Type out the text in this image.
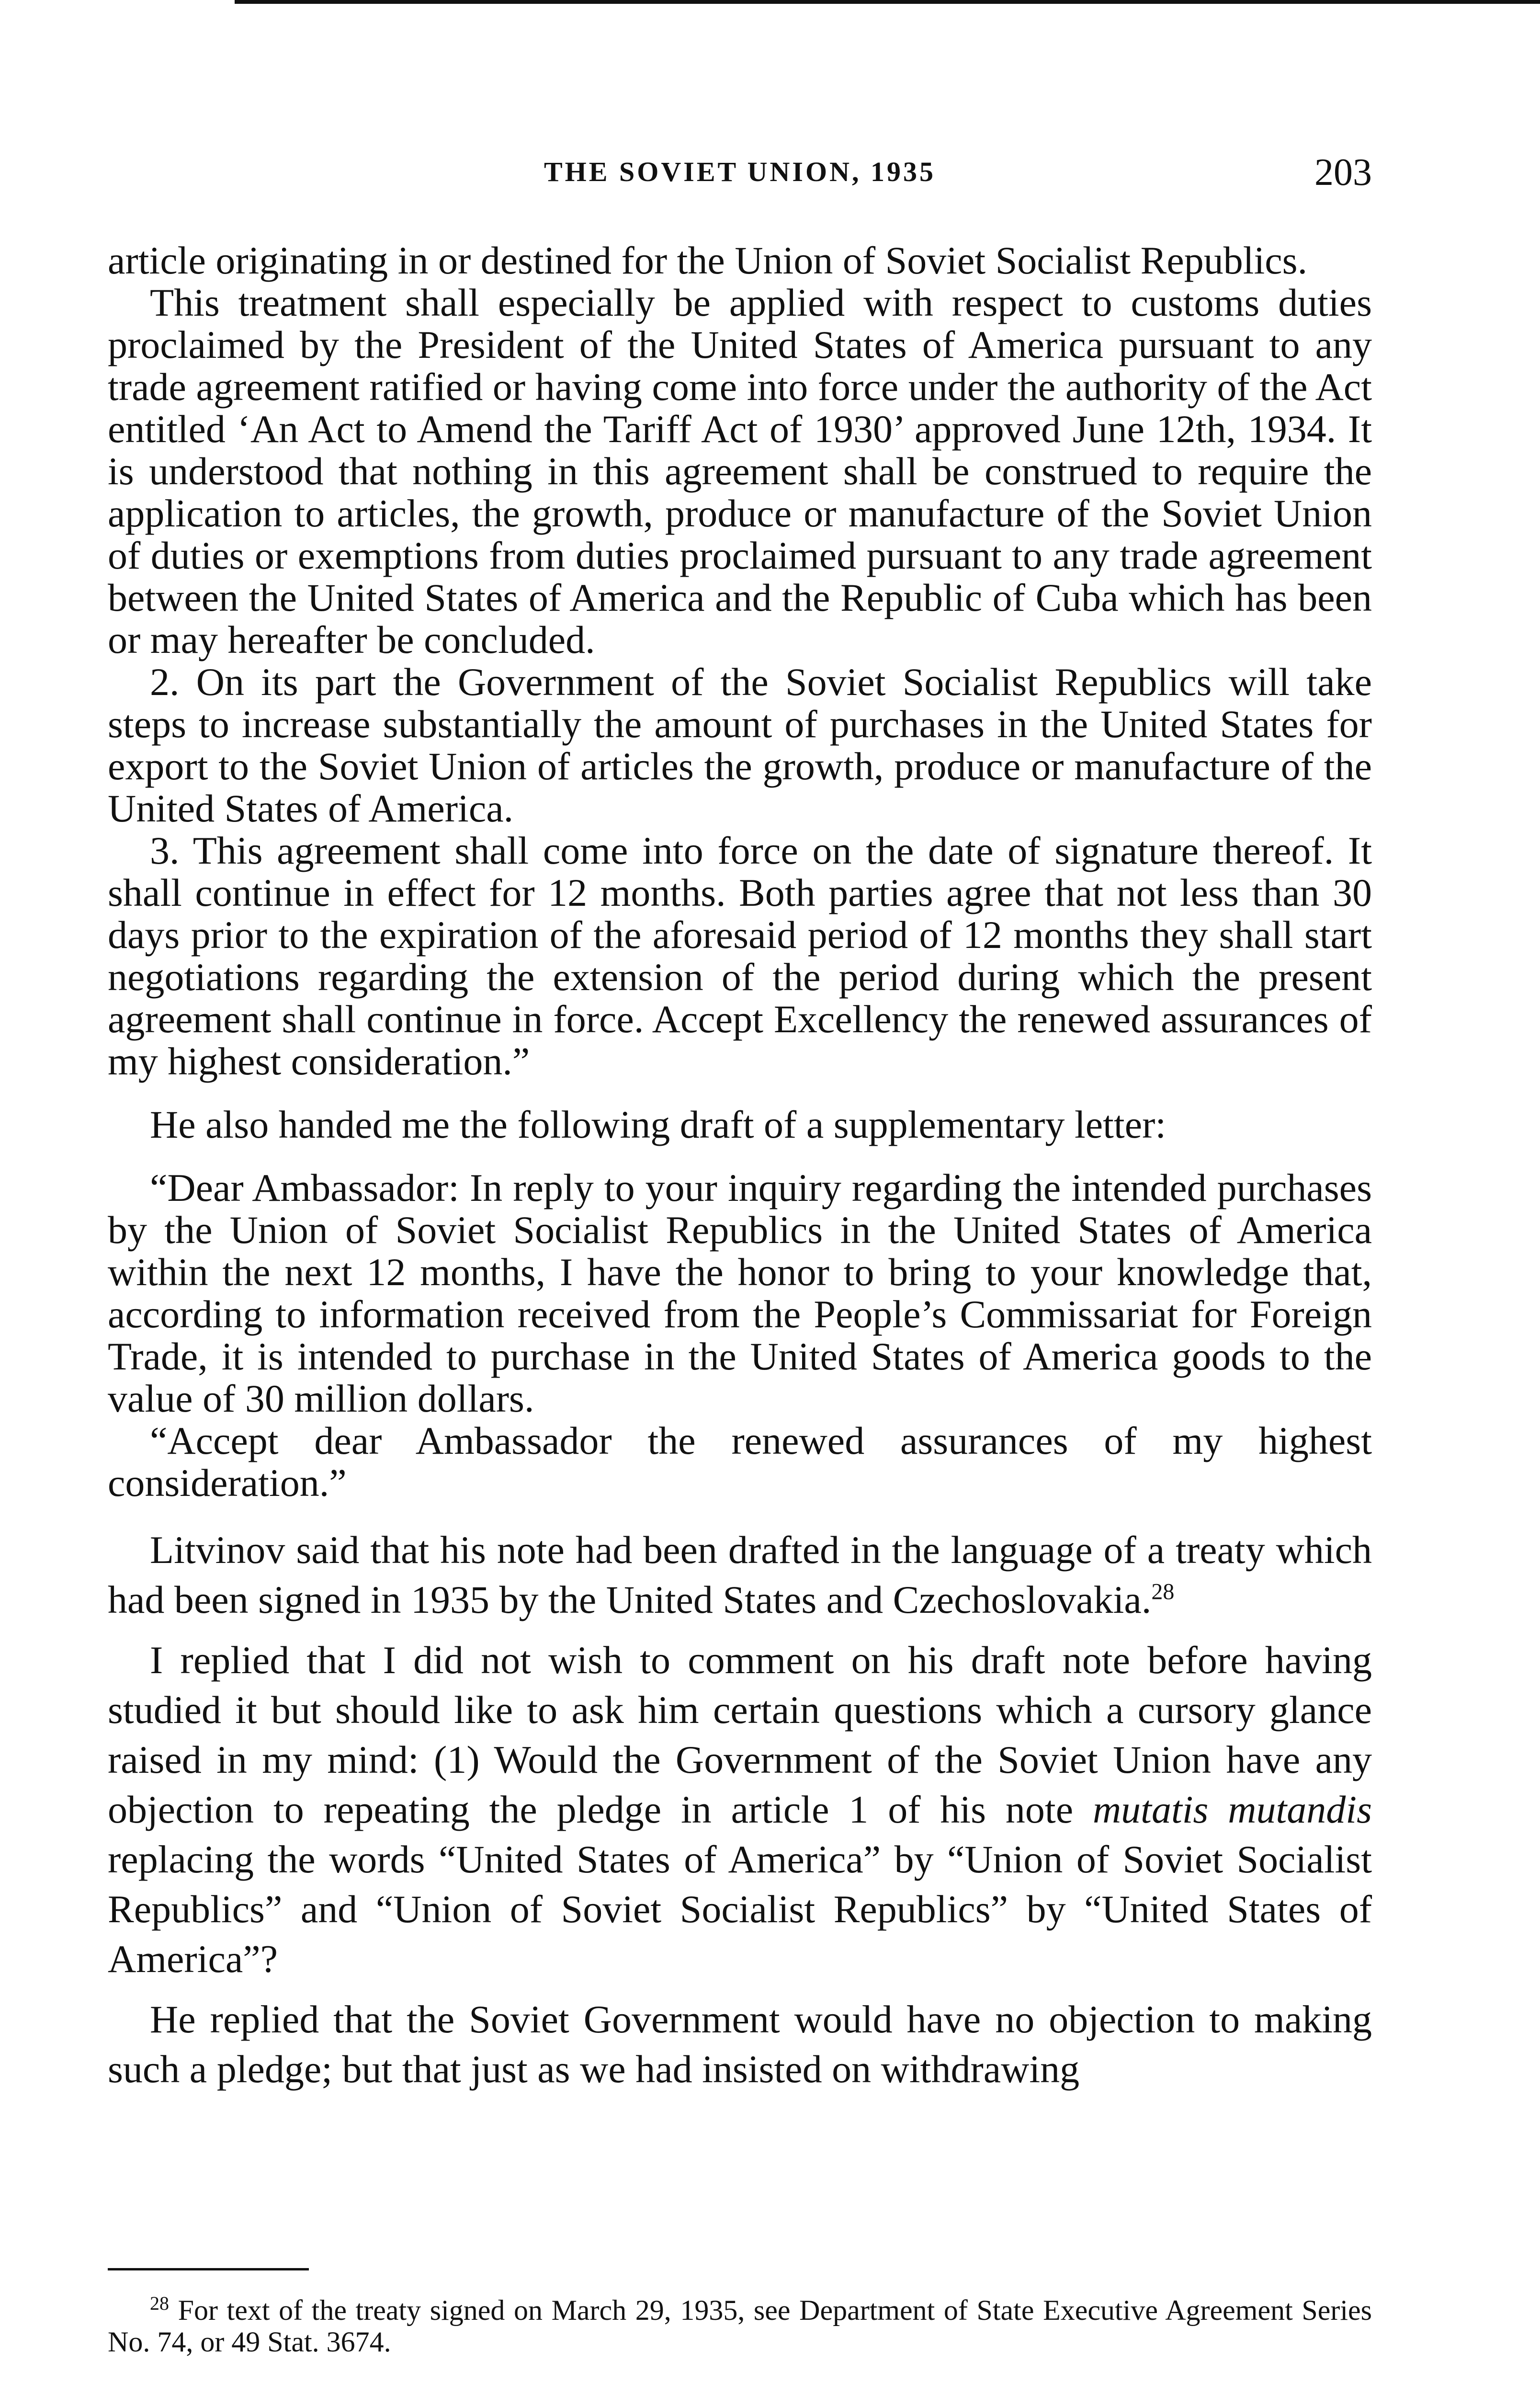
THE SOVIET UNION, 1935	203

article originating in or destined for the Union of Soviet Socialist Republics.

This treatment shall especially be applied with respect to customs duties proclaimed by the President of the United States of America pursuant to any trade agreement ratified or having come into force under the authority of the Act entitled ‘An Act to Amend the Tariff Act of 1930’ approved June 12th, 1934. It is understood that nothing in this agreement shall be construed to require the application to articles, the growth, produce or manufacture of the Soviet Union of duties or exemptions from duties proclaimed pursuant to any trade agreement between the United States of America and the Republic of Cuba which has been or may hereafter be concluded.

2. On its part the Government of the Soviet Socialist Republics will take steps to increase substantially the amount of purchases in the United States for export to the Soviet Union of articles the growth, produce or manufacture of the United States of America.

3. This agreement shall come into force on the date of signature thereof. It shall continue in effect for 12 months. Both parties agree that not less than 30 days prior to the expiration of the aforesaid period of 12 months they shall start negotiations regarding the extension of the period during which the present agreement shall continue in force. Accept Excellency the renewed assurances of my highest consideration.”

He also handed me the following draft of a supplementary letter:

“Dear Ambassador: In reply to your inquiry regarding the intended purchases by the Union of Soviet Socialist Republics in the United States of America within the next 12 months, I have the honor to bring to your knowledge that, according to information received from the People’s Commissariat for Foreign Trade, it is intended to purchase in the United States of America goods to the value of 30 million dollars.

“Accept dear Ambassador the renewed assurances of my highest consideration.”

Litvinov said that his note had been drafted in the language of a treaty which had been signed in 1935 by the United States and Czechoslovakia.$^{28}$

I replied that I did not wish to comment on his draft note before having studied it but should like to ask him certain questions which a cursory glance raised in my mind: (1) Would the Government of the Soviet Union have any objection to repeating the pledge in article 1 of his note mutatis mutandis replacing the words “United States of America” by “Union of Soviet Socialist Republics” and “Union of Soviet Socialist Republics” by “United States of America”?

He replied that the Soviet Government would have no objection to making such a pledge; but that just as we had insisted on withdrawing

$^{28}$ For text of the treaty signed on March 29, 1935, see Department of State Executive Agreement Series No. 74, or 49 Stat. 3674.
